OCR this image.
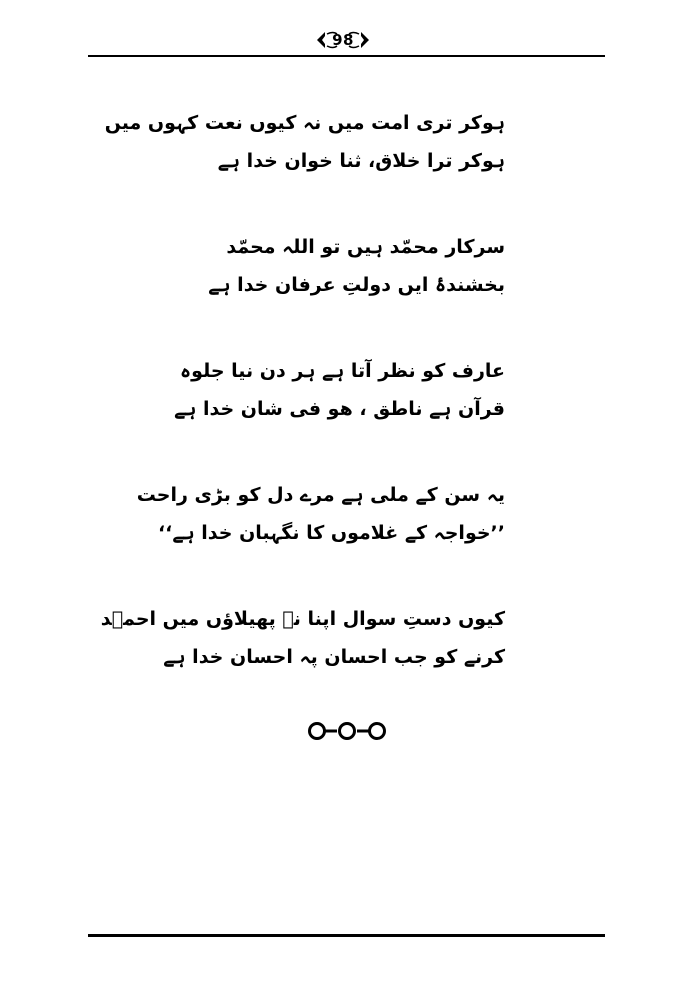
98
ہوکر تری امت میں نہ کیوں نعت کہوں میں
ہوکر ترا خلاق، ثنا خوان خدا ہے
سرکار محمّد ہیں تو اللہ محمّد
بخشندۂ ایں دولتِ عرفان خدا ہے
عارف کو نظر آتا ہے ہر دن نیا جلوہ
قرآن ہے ناطق ، ھو فی شان خدا ہے
یہ سن کے ملی ہے مرے دل کو بڑی راحت
’’خواجہ کے غلاموں کا نگہبان خدا ہے‘‘
کیوں دستِ سوال اپنا نہ پھیلاؤں میں احمؔد
کرنے کو جب احسان پہ احسان خدا ہے
